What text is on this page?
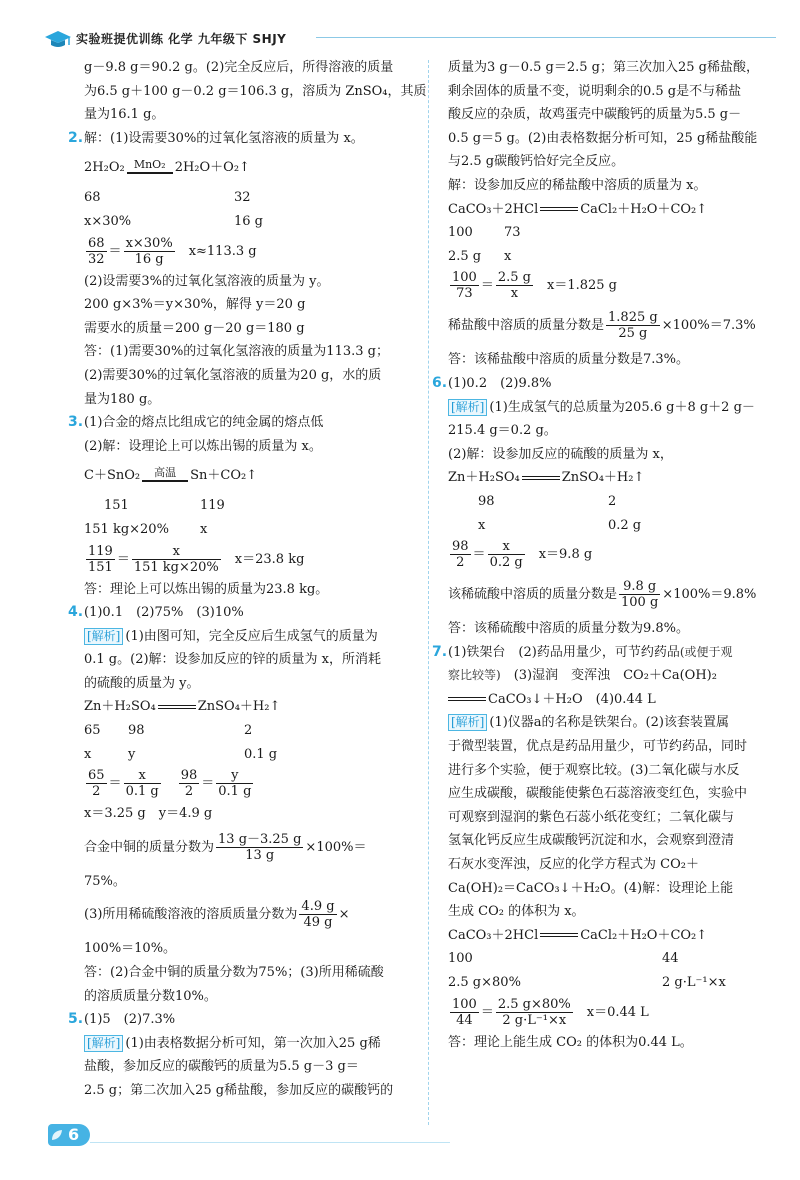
实验班提优训练 化学 九年级下 SHJY
g－9.8 g＝90.2 g。(2)完全反应后，所得溶液的质量
为6.5 g＋100 g－0.2 g＝106.3 g，溶质为 ZnSO₄，其质
量为16.1 g。
2.解：(1)设需要30%的过氧化氢溶液的质量为 x。
2H₂O₂ MnO₂ 2H₂O＋O₂↑
68	32
x×30%	16 g
$\frac{68}{32} = \frac{x\times 30\%}{16 g} x\approx 113.3$ g
(2)设需要3%的过氧化氢溶液的质量为 y。
200 g×3%＝y×30%，解得 y＝20 g
需要水的质量＝200 g－20 g＝180 g
答：(1)需要30%的过氧化氢溶液的质量为113.3 g；
(2)需要30%的过氧化氢溶液的质量为20 g，水的质
量为180 g。
3.(1)合金的熔点比组成它的纯金属的熔点低
(2)解：设理论上可以炼出锡的质量为 x。
C＋SnO₂	高温	Sn＋CO₂↑
151	119
151 kg×20% x
$\frac{119}{151} = \frac{x}{151 kg\times 20\%} x=23.8$ kg
答：理论上可以炼出锡的质量为23.8 kg。
4.(1)0.1　(2)75%　(3)10%
[解析] (1)由图可知，完全反应后生成氢气的质量为
0.1 g。(2)解：设参加反应的锌的质量为 x，所消耗
的硫酸的质量为 y。
Zn＋H₂SO₄	ZnSO₄＋H₂↑
65 98	2
x	y	0.1 g
$\frac{65}{2} = \frac{x}{0.1 g} \frac{98}{2} = \frac{y}{0.1 g}$
x＝3.25 g　y＝4.9 g
合金中铜的质量分数为 $\frac{13 g-3.25 g}{13 g} \times 100\%=$
75%。
(3)所用稀硫酸溶液的溶质质量分数为 $\frac{4.9 g}{49 g}$ ×
100%＝10%。
答：(2)合金中铜的质量分数为75%；(3)所用稀硫酸
的溶质质量分数10%。
5.(1)5　(2)7.3%
[解析] (1)由表格数据分析可知，第一次加入25 g稀
盐酸，参加反应的碳酸钙的质量为5.5 g－3 g＝
2.5 g；第二次加入25 g稀盐酸，参加反应的碳酸钙的
质量为3 g－0.5 g＝2.5 g；第三次加入25 g稀盐酸，
剩余固体的质量不变，说明剩余的0.5 g是不与稀盐
酸反应的杂质，故鸡蛋壳中碳酸钙的质量为5.5 g－
0.5 g＝5 g。(2)由表格数据分析可知，25 g稀盐酸能
与2.5 g碳酸钙恰好完全反应。
解：设参加反应的稀盐酸中溶质的质量为 x。
CaCO₃＋2HCl	CaCl₂＋H₂O＋CO₂↑
100 73
2.5 g x
$\frac{100}{73} = \frac{2.5 g}{x} x=1.825$ g
稀盐酸中溶质的质量分数是 $\frac{1.825 g}{25 g} \times 100\%=7.3\%$
答：该稀盐酸中溶质的质量分数是7.3%。
6.(1)0.2　(2)9.8%
[解析] (1)生成氢气的总质量为205.6 g＋8 g＋2 g－
215.4 g＝0.2 g。
(2)解：设参加反应的硫酸的质量为 x，
Zn＋H₂SO₄	ZnSO₄＋H₂↑
98	2
x	0.2 g
$\frac{98}{2} = \frac{x}{0.2 g} x=9.8$ g
该稀硫酸中溶质的质量分数是 $\frac{9.8 g}{100 g} \times 100\%=9.8\%$
答：该稀硫酸中溶质的质量分数为9.8%。
7.(1)铁架台　(2)药品用量少，可节约药品(或便于观
察比较等)　(3)湿润　变浑浊　CO₂＋Ca(OH)₂
CaCO₃↓＋H₂O　(4)0.44 L
[解析] (1)仪器a的名称是铁架台。(2)该套装置属
于微型装置，优点是药品用量少，可节约药品，同时
进行多个实验，便于观察比较。(3)二氧化碳与水反
应生成碳酸，碳酸能使紫色石蕊溶液变红色，实验中
可观察到湿润的紫色石蕊小纸花变红；二氧化碳与
氢氧化钙反应生成碳酸钙沉淀和水，会观察到澄清
石灰水变浑浊，反应的化学方程式为 CO₂＋
Ca(OH)₂＝CaCO₃↓＋H₂O。(4)解：设理论上能
生成 CO₂ 的体积为 x。
CaCO₃＋2HCl	CaCl₂＋H₂O＋CO₂↑
100	44
2.5 g×80%	2 g·L⁻¹×x
$\frac{100}{44} = \frac{2.5 g\times 80\%}{\text{2 g·L⁻¹×x}} x=0.44$ L
答：理论上能生成 CO₂ 的体积为0.44 L。
6
